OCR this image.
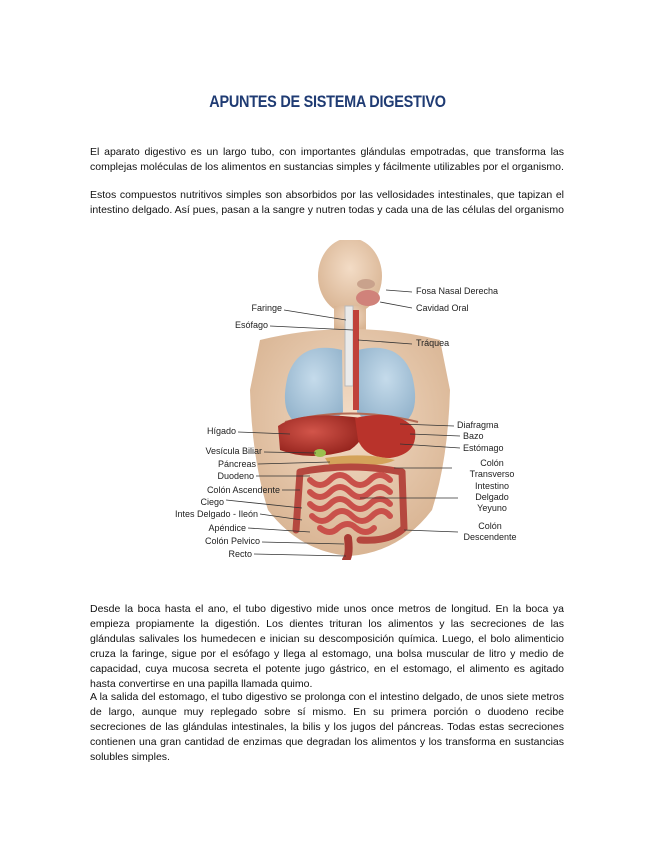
APUNTES DE SISTEMA DIGESTIVO
El aparato digestivo es un largo tubo, con importantes glándulas empotradas, que transforma las complejas moléculas de los alimentos en sustancias simples y fácilmente utilizables por el organismo.
Estos compuestos nutritivos simples son absorbidos por las vellosidades intestinales, que tapizan el intestino delgado. Así pues, pasan a la sangre y nutren todas y cada una de las células del organismo
Fosa Nasal Derecha
Cavidad Oral
Faringe
Esófago
Tráquea
Hígado
Diafragma
Bazo
Estómago
Vesícula Biliar
Páncreas
Duodeno
Colón
Transverso
Colón Ascendente
Ciego
Intestino
Delgado
Yeyuno
Intes Delgado - Ileón
Apéndice	Colón
Descendente
Colón Pelvico
Recto
Desde la boca hasta el ano, el tubo digestivo mide unos once metros de longitud. En la boca ya empieza propiamente la digestión. Los dientes trituran los alimentos y las secreciones de las glándulas salivales los humedecen e inician su descomposición química. Luego, el bolo alimenticio cruza la faringe, sigue por el esófago y llega al estomago, una bolsa muscular de litro y medio de capacidad, cuya mucosa secreta el potente jugo gástrico, en el estomago, el alimento es agitado hasta convertirse en una papilla llamada quimo.
A la salida del estomago, el tubo digestivo se prolonga con el intestino delgado, de unos siete metros de largo, aunque muy replegado sobre sí mismo. En su primera porción o duodeno recibe secreciones de las glándulas intestinales, la bilis y los jugos del páncreas. Todas estas secreciones contienen una gran cantidad de enzimas que degradan los alimentos y los transforma en sustancias solubles simples.
